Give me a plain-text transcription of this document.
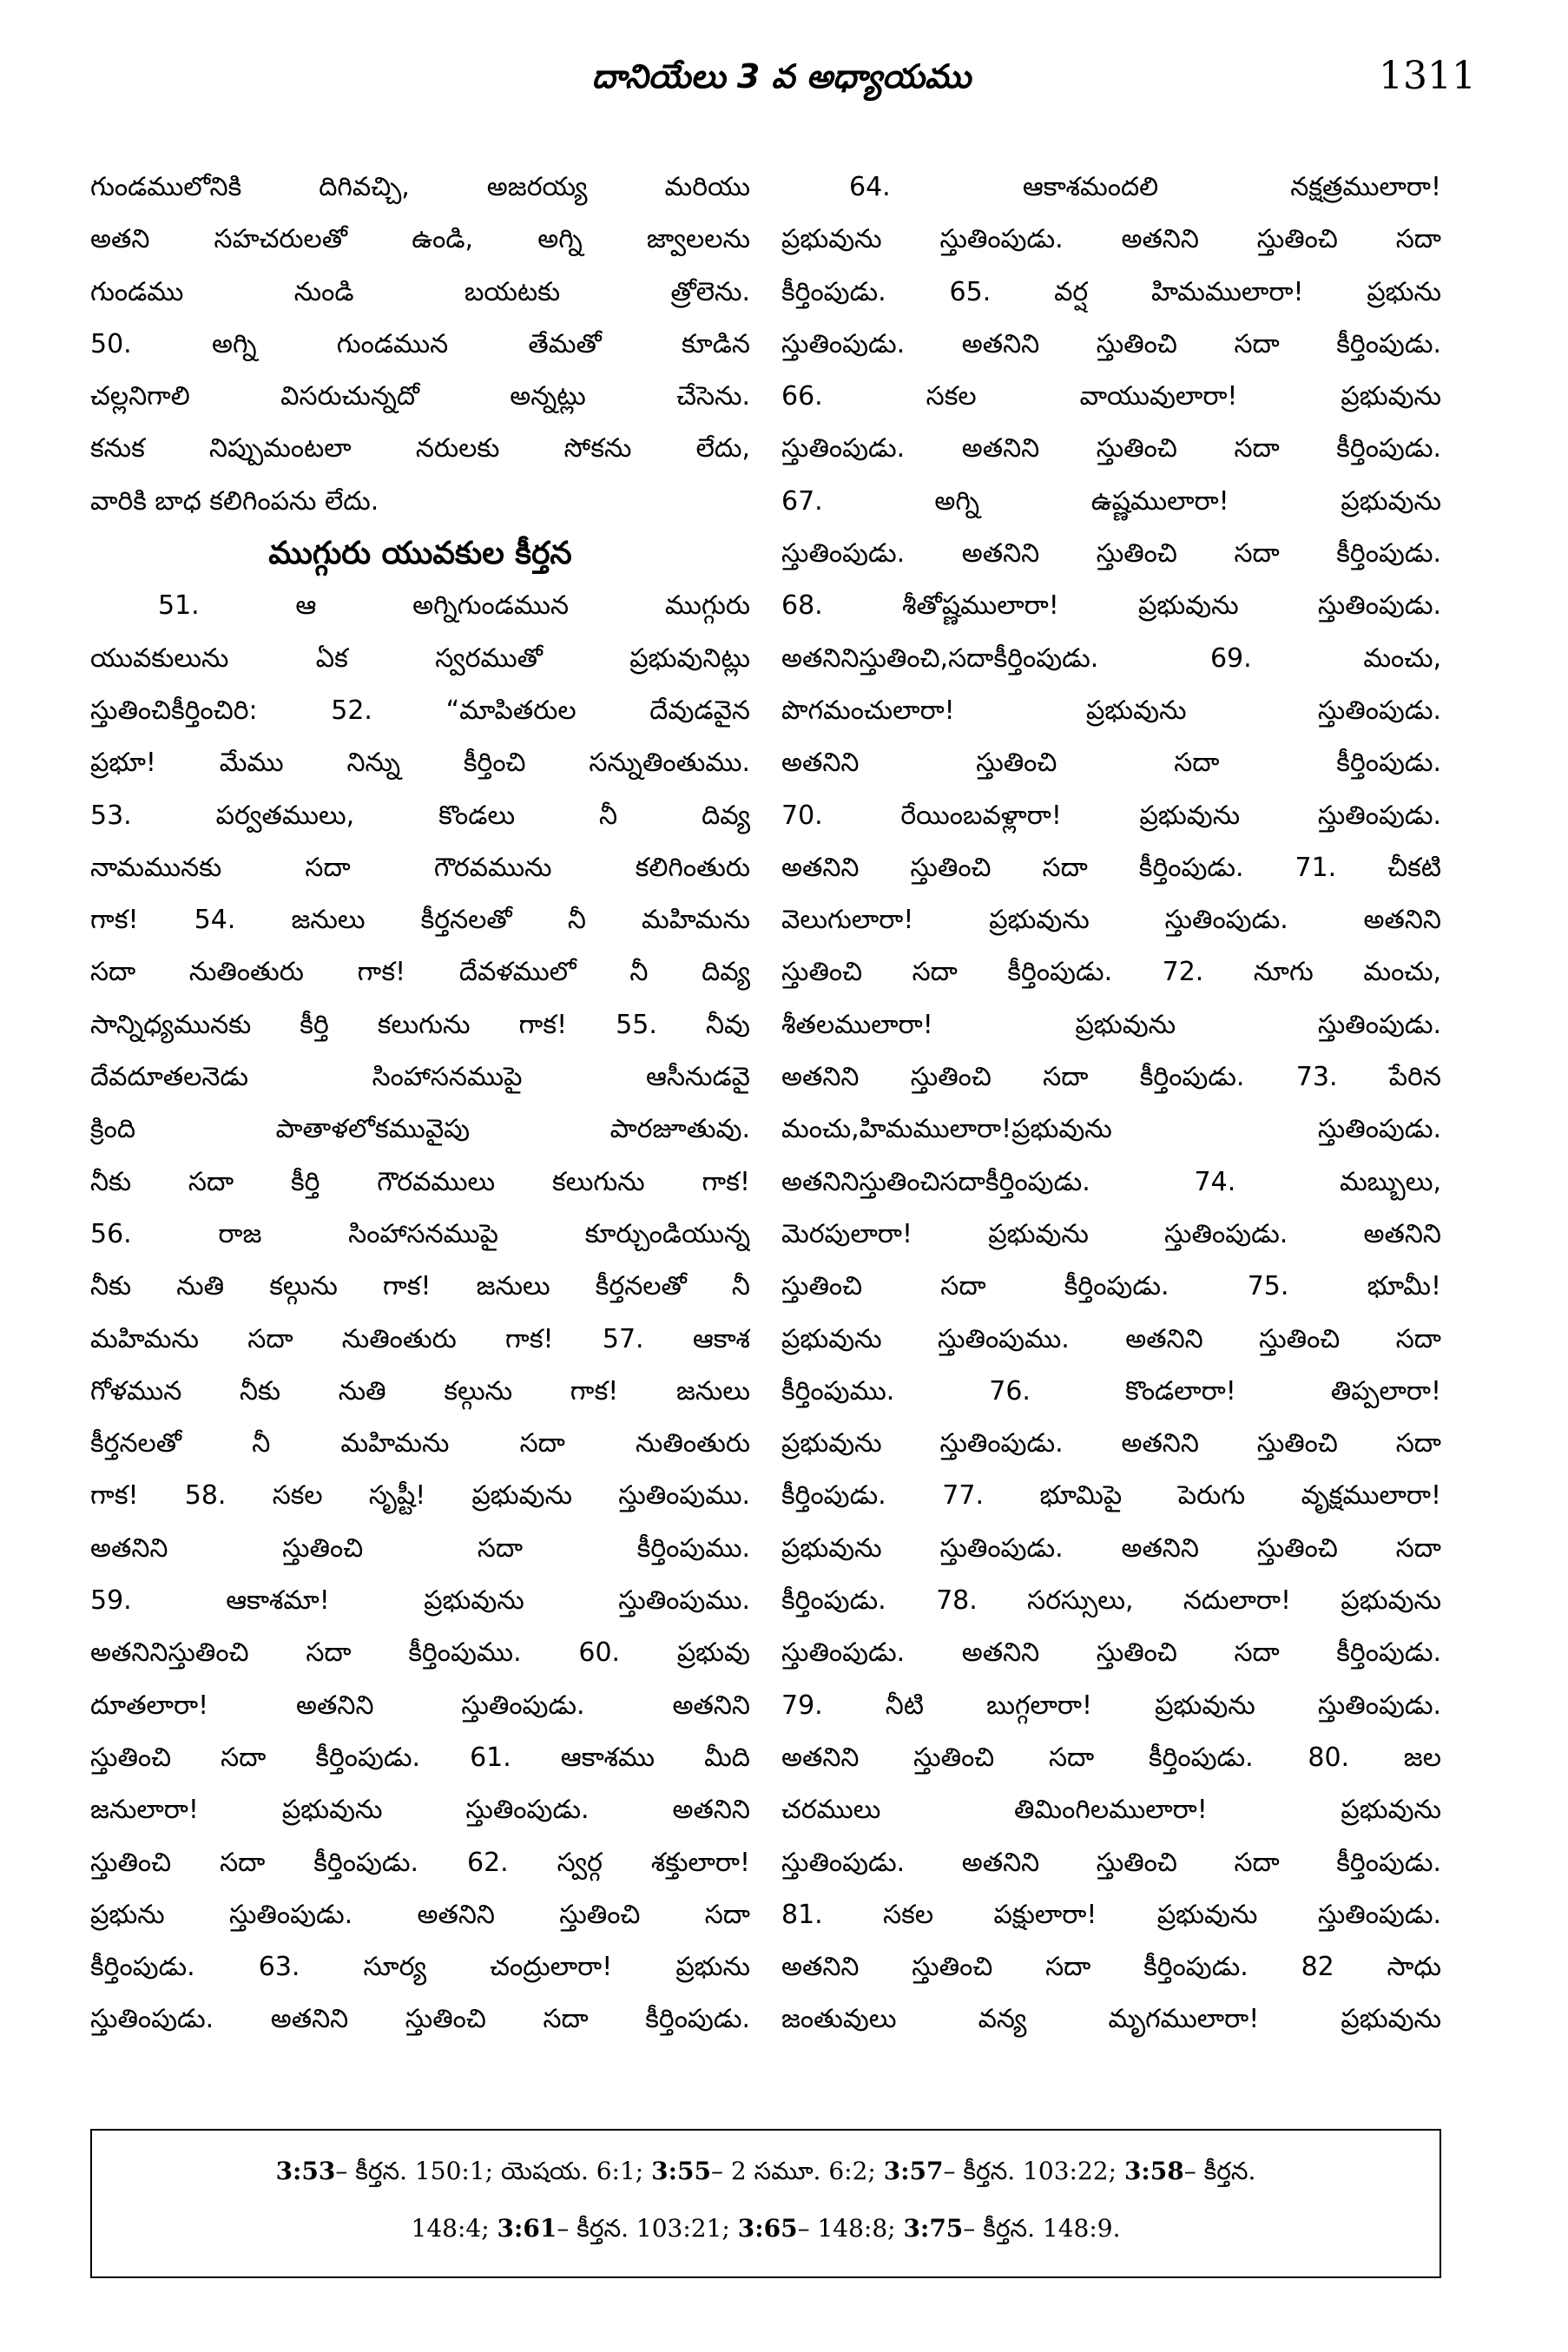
దానియేలు 3 వ అధ్యాయము	1311
గుండములోనికి దిగివచ్చి, అజరయ్య మరియు
అతని సహచరులతో ఉండి, అగ్ని జ్వాలలను
గుండము నుండి బయటకు త్రోలెను.
50. అగ్ని గుండమున తేమతో కూడిన
చల్లనిగాలి విసరుచున్నదో అన్నట్లు చేసెను.
కనుక నిప్పుమంటలా నరులకు సోకను లేదు,
వారికి బాధ కలిగింపను లేదు.
ముగ్గురు యువకుల కీర్తన
51. ఆ అగ్నిగుండమున ముగ్గురు
యువకులును ఏక స్వరముతో ప్రభువునిట్లు
స్తుతించికీర్తించిరి: 52. “మాపితరుల దేవుడవైన
ప్రభూ! మేము నిన్ను కీర్తించి సన్నుతింతుము.
53. పర్వతములు, కొండలు నీ దివ్య
నామమునకు సదా గౌరవమును కలిగింతురు
గాక! 54. జనులు కీర్తనలతో నీ మహిమను
సదా నుతింతురు గాక! దేవళములో నీ దివ్య
సాన్నిధ్యమునకు కీర్తి కలుగును గాక! 55. నీవు
దేవదూతలనెడు సింహాసనముపై ఆసీనుడవై
క్రింది పాతాళలోకమువైపు పారజూతువు.
నీకు సదా కీర్తి గౌరవములు కలుగును గాక!
56. రాజ సింహాసనముపై కూర్చుండియున్న
నీకు నుతి కల్గును గాక! జనులు కీర్తనలతో నీ
మహిమను సదా నుతింతురు గాక! 57. ఆకాశ
గోళమున నీకు నుతి కల్గును గాక! జనులు
కీర్తనలతో నీ మహిమను సదా నుతింతురు
గాక! 58. సకల సృష్టీ! ప్రభువును స్తుతింపుము.
అతనిని స్తుతించి సదా కీర్తింపుము.
59. ఆకాశమా! ప్రభువును స్తుతింపుము.
అతనినిస్తుతించి సదా కీర్తింపుము. 60. ప్రభువు
దూతలారా! అతనిని స్తుతింపుడు. అతనిని
స్తుతించి సదా కీర్తింపుడు. 61. ఆకాశము మీది
జనులారా! ప్రభువును స్తుతింపుడు. అతనిని
స్తుతించి సదా కీర్తింపుడు. 62. స్వర్గ శక్తులారా!
ప్రభును స్తుతింపుడు. అతనిని స్తుతించి సదా
కీర్తింపుడు. 63. సూర్య చంద్రులారా! ప్రభును
స్తుతింపుడు. అతనిని స్తుతించి సదా కీర్తింపుడు.
64. ఆకాశమందలి నక్షత్రములారా!
ప్రభువును స్తుతింపుడు. అతనిని స్తుతించి సదా
కీర్తింపుడు. 65. వర్ష హిమములారా! ప్రభును
స్తుతింపుడు. అతనిని స్తుతించి సదా కీర్తింపుడు.
66. సకల వాయువులారా! ప్రభువును
స్తుతింపుడు. అతనిని స్తుతించి సదా కీర్తింపుడు.
67. అగ్ని ఉష్ణములారా! ప్రభువును
స్తుతింపుడు. అతనిని స్తుతించి సదా కీర్తింపుడు.
68. శీతోష్ణములారా! ప్రభువును స్తుతింపుడు.
అతనినిస్తుతించి,సదాకీర్తింపుడు. 69. మంచు,
పొగమంచులారా! ప్రభువును స్తుతింపుడు.
అతనిని స్తుతించి సదా కీర్తింపుడు.
70. రేయింబవళ్లారా! ప్రభువును స్తుతింపుడు.
అతనిని స్తుతించి సదా కీర్తింపుడు. 71. చీకటి
వెలుగులారా! ప్రభువును స్తుతింపుడు. అతనిని
స్తుతించి సదా కీర్తింపుడు. 72. నూగు మంచు,
శీతలములారా! ప్రభువును స్తుతింపుడు.
అతనిని స్తుతించి సదా కీర్తింపుడు. 73. పేరిన
మంచు,హిమములారా!ప్రభువును స్తుతింపుడు.
అతనినిస్తుతించిసదాకీర్తింపుడు. 74. మబ్బులు,
మెరపులారా! ప్రభువును స్తుతింపుడు. అతనిని
స్తుతించి సదా కీర్తింపుడు. 75. భూమీ!
ప్రభువును స్తుతింపుము. అతనిని స్తుతించి సదా
కీర్తింపుము. 76. కొండలారా! తిప్పలారా!
ప్రభువును స్తుతింపుడు. అతనిని స్తుతించి సదా
కీర్తింపుడు. 77. భూమిపై పెరుగు వృక్షములారా!
ప్రభువును స్తుతింపుడు. అతనిని స్తుతించి సదా
కీర్తింపుడు. 78. సరస్సులు, నదులారా! ప్రభువును
స్తుతింపుడు. అతనిని స్తుతించి సదా కీర్తింపుడు.
79. నీటి బుగ్గలారా! ప్రభువును స్తుతింపుడు.
అతనిని స్తుతించి సదా కీర్తింపుడు. 80. జల
చరములు తిమింగిలములారా! ప్రభువును
స్తుతింపుడు. అతనిని స్తుతించి సదా కీర్తింపుడు.
81. సకల పక్షులారా! ప్రభువును స్తుతింపుడు.
అతనిని స్తుతించి సదా కీర్తింపుడు. 82 సాధు
జంతువులు వన్య మృగములారా! ప్రభువును
3:53– కీర్తన. 150:1; యెషయ. 6:1; 3:55– 2 సమూ. 6:2; 3:57– కీర్తన. 103:22; 3:58– కీర్తన.
148:4; 3:61– కీర్తన. 103:21; 3:65– 148:8; 3:75– కీర్తన. 148:9.
